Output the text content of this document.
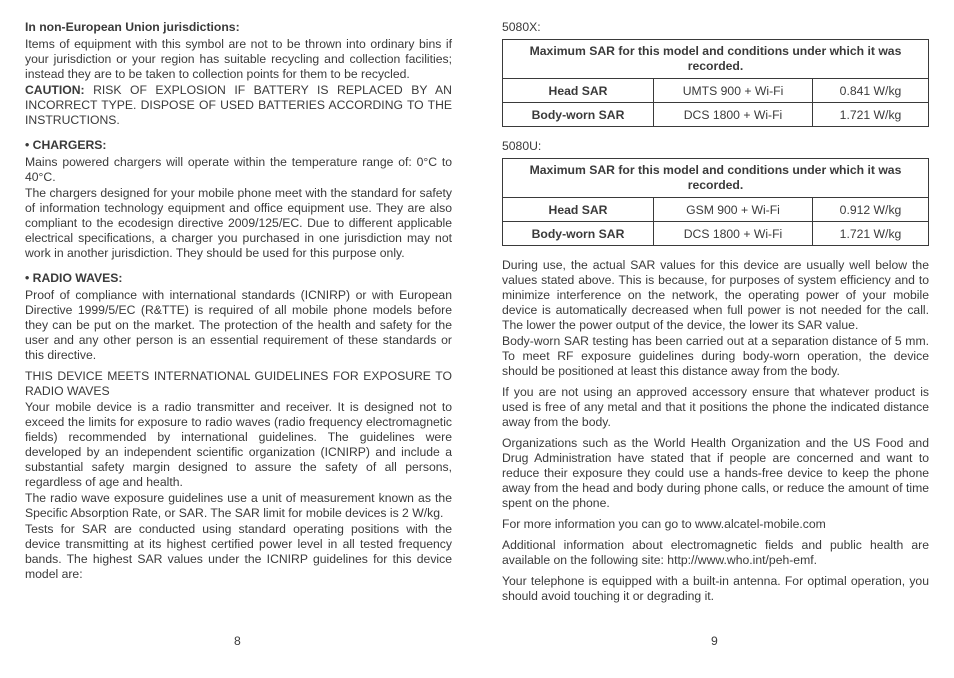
In non-European Union jurisdictions:

Items of equipment with this symbol are not to be thrown into ordinary bins if your jurisdiction or your region has suitable recycling and collection facilities; instead they are to be taken to collection points for them to be recycled.

CAUTION: RISK OF EXPLOSION IF BATTERY IS REPLACED BY AN INCORRECT TYPE. DISPOSE OF USED BATTERIES ACCORDING TO THE INSTRUCTIONS.

• CHARGERS:

Mains powered chargers will operate within the temperature range of: 0°C to 40°C.

The chargers designed for your mobile phone meet with the standard for safety of information technology equipment and office equipment use. They are also compliant to the ecodesign directive 2009/125/EC. Due to different applicable electrical specifications, a charger you purchased in one jurisdiction may not work in another jurisdiction. They should be used for this purpose only.

• RADIO WAVES:

Proof of compliance with international standards (ICNIRP) or with European Directive 1999/5/EC (R&TTE) is required of all mobile phone models before they can be put on the market. The protection of the health and safety for the user and any other person is an essential requirement of these standards or this directive.

THIS DEVICE MEETS INTERNATIONAL GUIDELINES FOR EXPOSURE TO RADIO WAVES

Your mobile device is a radio transmitter and receiver. It is designed not to exceed the limits for exposure to radio waves (radio frequency electromagnetic fields) recommended by international guidelines. The guidelines were developed by an independent scientific organization (ICNIRP) and include a substantial safety margin designed to assure the safety of all persons, regardless of age and health.

The radio wave exposure guidelines use a unit of measurement known as the Specific Absorption Rate, or SAR. The SAR limit for mobile devices is 2 W/kg.

Tests for SAR are conducted using standard operating positions with the device transmitting at its highest certified power level in all tested frequency bands. The highest SAR values under the ICNIRP guidelines for this device model are:

8
5080X:
Maximum SAR for this model and conditions under which it was recorded.		
Head SAR	UMTS 900 + Wi-Fi	0.841 W/kg
Body-worn SAR	DCS 1800 + Wi-Fi	1.721 W/kg
5080U:
Maximum SAR for this model and conditions under which it was recorded.		
Head SAR	GSM 900 + Wi-Fi	0.912 W/kg
Body-worn SAR	DCS 1800 + Wi-Fi	1.721 W/kg

During use, the actual SAR values for this device are usually well below the values stated above. This is because, for purposes of system efficiency and to minimize interference on the network, the operating power of your mobile device is automatically decreased when full power is not needed for the call. The lower the power output of the device, the lower its SAR value.

Body-worn SAR testing has been carried out at a separation distance of 5 mm. To meet RF exposure guidelines during body-worn operation, the device should be positioned at least this distance away from the body.

If you are not using an approved accessory ensure that whatever product is used is free of any metal and that it positions the phone the indicated distance away from the body.

Organizations such as the World Health Organization and the US Food and Drug Administration have stated that if people are concerned and want to reduce their exposure they could use a hands-free device to keep the phone away from the head and body during phone calls, or reduce the amount of time spent on the phone.

For more information you can go to www.alcatel-mobile.com

Additional information about electromagnetic fields and public health are available on the following site: http://www.who.int/peh-emf.

Your telephone is equipped with a built-in antenna. For optimal operation, you should avoid touching it or degrading it.

9
